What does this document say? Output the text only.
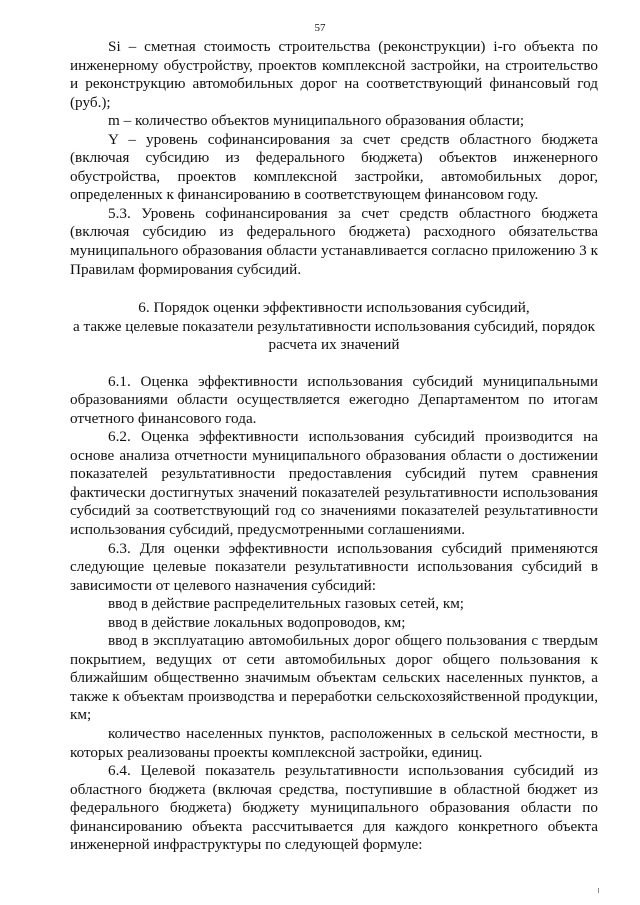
57

Si – сметная стоимость строительства (реконструкции) i-го объекта по инженерному обустройству, проектов комплексной застройки, на строительство и реконструкцию автомобильных дорог на соответствующий финансовый год (руб.);

m – количество объектов муниципального образования области;

Y – уровень софинансирования за счет средств областного бюджета (включая субсидию из федерального бюджета) объектов инженерного обустройства, проектов комплексной застройки, автомобильных дорог, определенных к финансированию в соответствующем финансовом году.

5.3. Уровень софинансирования за счет средств областного бюджета (включая субсидию из федерального бюджета) расходного обязательства муниципального образования области устанавливается согласно приложению 3 к Правилам формирования субсидий.

6. Порядок оценки эффективности использования субсидий,
а также целевые показатели результативности использования субсидий, порядок
расчета их значений

6.1. Оценка эффективности использования субсидий муниципальными образованиями области осуществляется ежегодно Департаментом по итогам отчетного финансового года.

6.2. Оценка эффективности использования субсидий производится на основе анализа отчетности муниципального образования области о достижении показателей результативности предоставления субсидий путем сравнения фактически достигнутых значений показателей результативности использования субсидий за соответствующий год со значениями показателей результативности использования субсидий, предусмотренными соглашениями.

6.3. Для оценки эффективности использования субсидий применяются следующие целевые показатели результативности использования субсидий в зависимости от целевого назначения субсидий:

ввод в действие распределительных газовых сетей, км;

ввод в действие локальных водопроводов, км;

ввод в эксплуатацию автомобильных дорог общего пользования с твердым покрытием, ведущих от сети автомобильных дорог общего пользования к ближайшим общественно значимым объектам сельских населенных пунктов, а также к объектам производства и переработки сельскохозяйственной продукции, км;

количество населенных пунктов, расположенных в сельской местности, в которых реализованы проекты комплексной застройки, единиц.

6.4. Целевой показатель результативности использования субсидий из областного бюджета (включая средства, поступившие в областной бюджет из федерального бюджета) бюджету муниципального образования области по финансированию объекта рассчитывается для каждого конкретного объекта инженерной инфраструктуры по следующей формуле:
